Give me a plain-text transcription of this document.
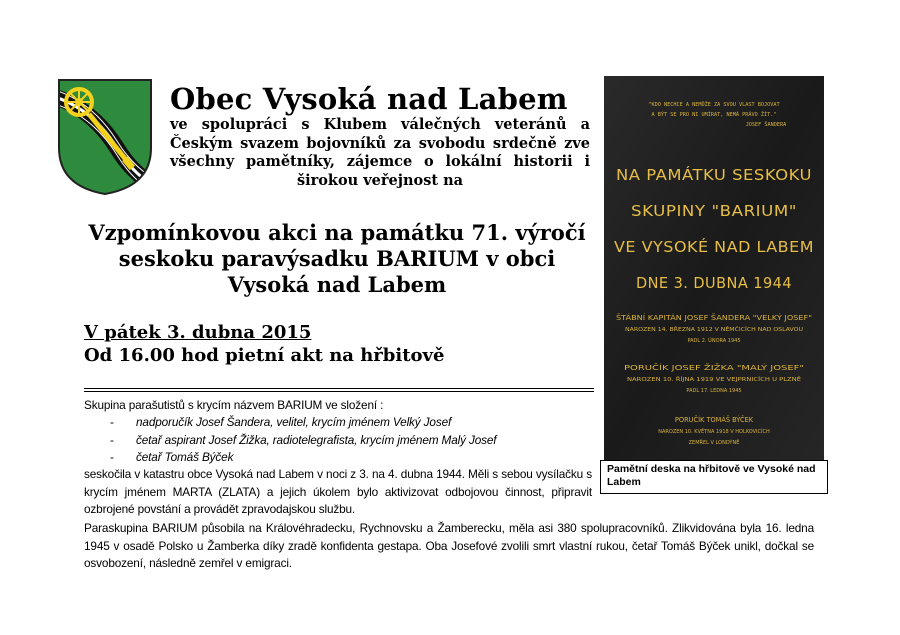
Obec Vysoká nad Labem
ve spolupráci s Klubem válečných veteránů a Českým svazem bojovníků za svobodu srdečně zve všechny pamětníky, zájemce o lokální historii i širokou veřejnost na
Vzpomínkovou akci na památku 71. výročí seskoku paravýsadku BARIUM v obci Vysoká nad Labem
V pátek 3. dubna 2015
Od 16.00 hod pietní akt na hřbitově
Skupina parašutistů s krycím názvem BARIUM ve složení :
- nadporučík Josef Šandera, velitel, krycím jménem Velký Josef
- četař aspirant Josef Žižka, radiotelegrafista, krycím jménem Malý Josef
- četař Tomáš Býček
seskočila v katastru obce Vysoká nad Labem v noci z 3. na 4. dubna 1944. Měli s sebou vysílačku s krycím jménem MARTA (ZLATA) a jejich úkolem bylo aktivizovat odbojovou činnost, připravit ozbrojené povstání a provádět zpravodajskou službu.
Paraskupina BARIUM působila na Královéhradecku, Rychnovsku a Žamberecku, měla asi 380 spolupracovníků. Zlikvidována byla 16. ledna 1945 v osadě Polsko u Žamberka díky zradě konfidenta gestapa. Oba Josefové zvolili smrt vlastní rukou, četař Tomáš Býček unikl, dočkal se osvobození, následně zemřel v emigraci.
"KDO NECHCE A NEMŮŽE ZA SVOU VLAST BOJOVAT
A BÝT SE PRO NI UMÍRAT, NEMÁ PRÁVO ŽÍT."
JOSEF ŠANDERA
NA PAMÁTKU SESKOKU
SKUPINY "BARIUM"
VE VYSOKÉ NAD LABEM
DNE 3. DUBNA 1944
ŠTÁBNÍ KAPITÁN JOSEF ŠANDERA "VELKÝ JOSEF"
NAROZEN 14. BŘEZNA 1912 V NĚMČICÍCH NAD OSLAVOU
PADL 2. ÚNORA 1945
PORUČÍK JOSEF ŽIŽKA "MALÝ JOSEF"
NAROZEN 10. ŘÍJNA 1919 VE VEJPRNICÍCH U PLZNĚ
PADL 17. LEDNA 1945
PORUČÍK TOMÁŠ BÝČEK
NAROZEN 10. KVĚTNA 1918 V HOLKOVICÍCH
ZEMŘEL V LONDÝNĚ
Pamětní deska na hřbitově ve Vysoké nad Labem
